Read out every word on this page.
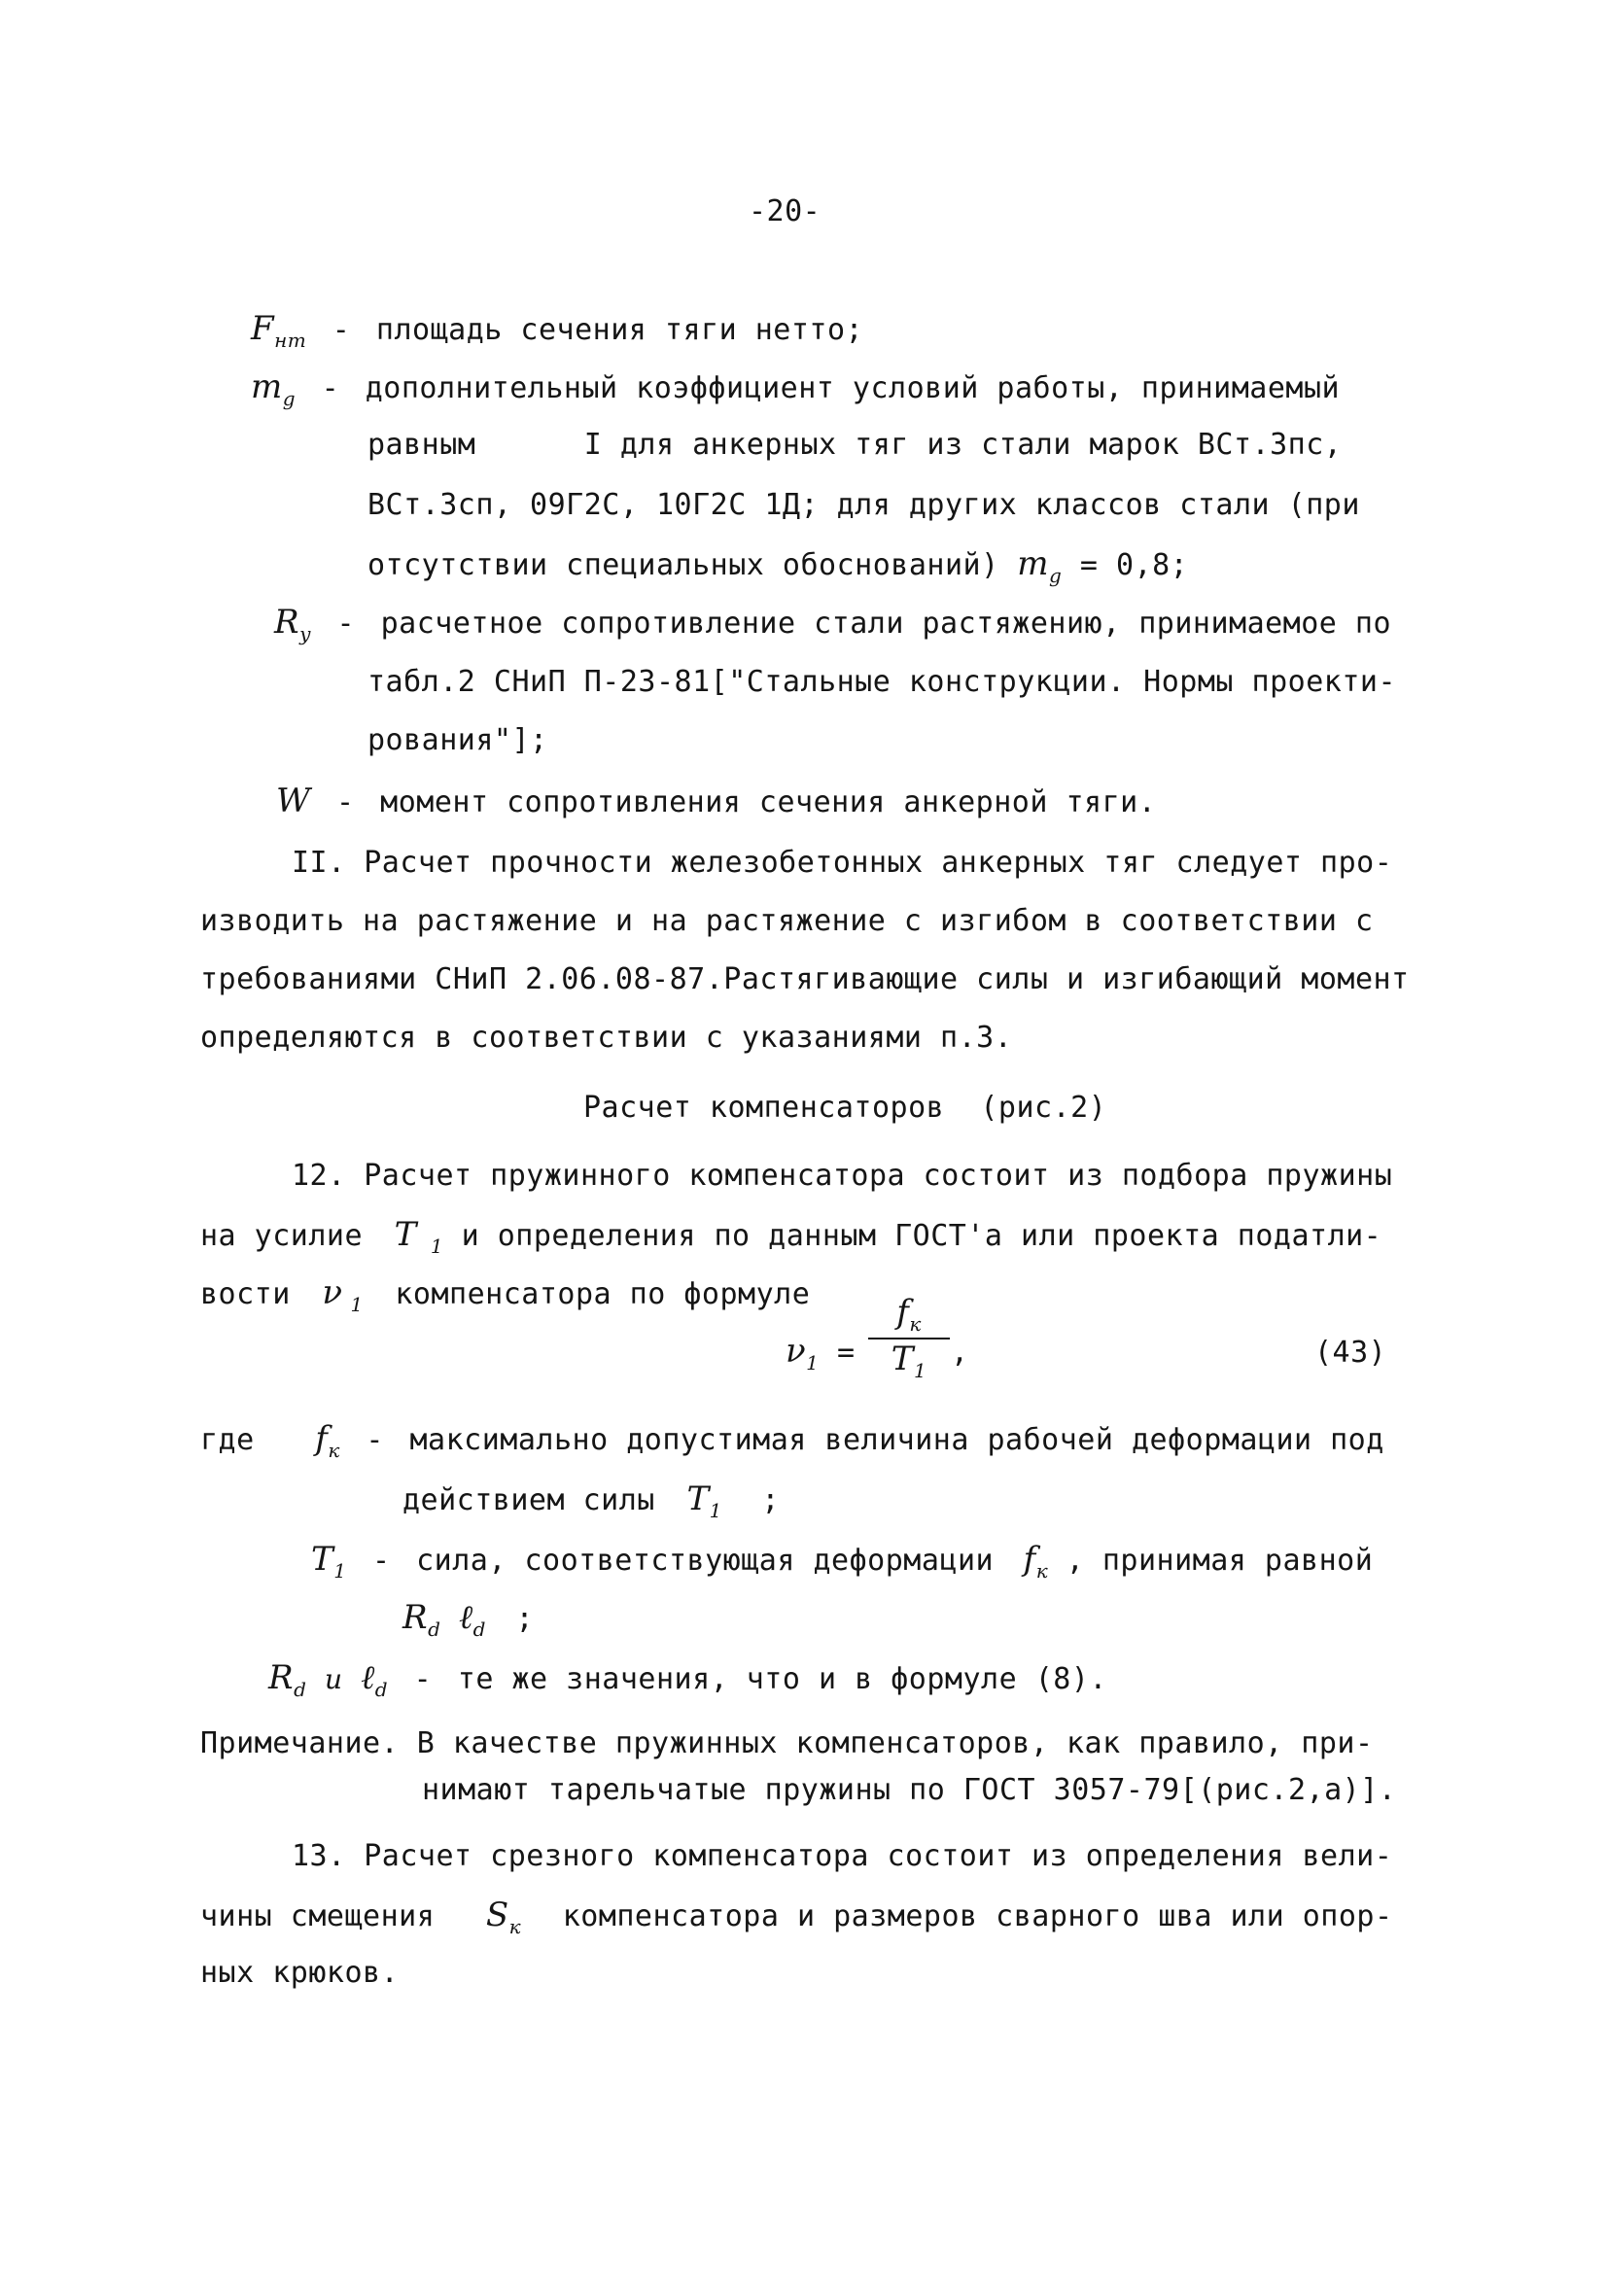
-20-
$F_{нт}$ - площадь сечения тяги нетто;
$m_g$ - дополнительный коэффициент условий работы, принимаемый
равным      I для анкерных тяг из стали марок ВСт.3пс,
ВСт.3сп, 09Г2С, 10Г2С 1Д; для других классов стали (при
отсутствии специальных обоснований) $m_g = 0,8$;
$R_y$ - расчетное сопротивление стали растяжению, принимаемое по
табл.2 СНиП П-23-81["Стальные конструкции. Нормы проекти-
рования"];
W - момент сопротивления сечения анкерной тяги.
II. Расчет прочности железобетонных анкерных тяг следует про-
изводить на растяжение и на растяжение с изгибом в соответствии с
требованиями СНиП 2.06.08-87.Растягивающие силы и изгибающий момент
определяются в соответствии с указаниями п.3.
Расчет компенсаторов  (рис.2)
12. Расчет пружинного компенсатора состоит из подбора пружины
на усилие T $_1$ и определения по данным ГОСТ'а или проекта податли-
вости ν $_1$ компенсатора по формуле
$\nu_1$ =
$f_к$
$T_1$
,	(43)
где $f_к$ - максимально допустимая величина рабочей деформации под
действием силы $T_1$ ;
$T_1$ - сила, соответствующая деформации $f_к$ , принимая равной
$R_d$ ℓ$_d$ ;
$R_d$ и ℓ$_d$ - те же значения, что и в формуле (8).
Примечание. В качестве пружинных компенсаторов, как правило, при-
нимают тарельчатые пружины по ГОСТ 3057-79[(рис.2,а)].
13. Расчет срезного компенсатора состоит из определения вели-
чины смещения $S_к$ компенсатора и размеров сварного шва или опор-
ных крюков.
